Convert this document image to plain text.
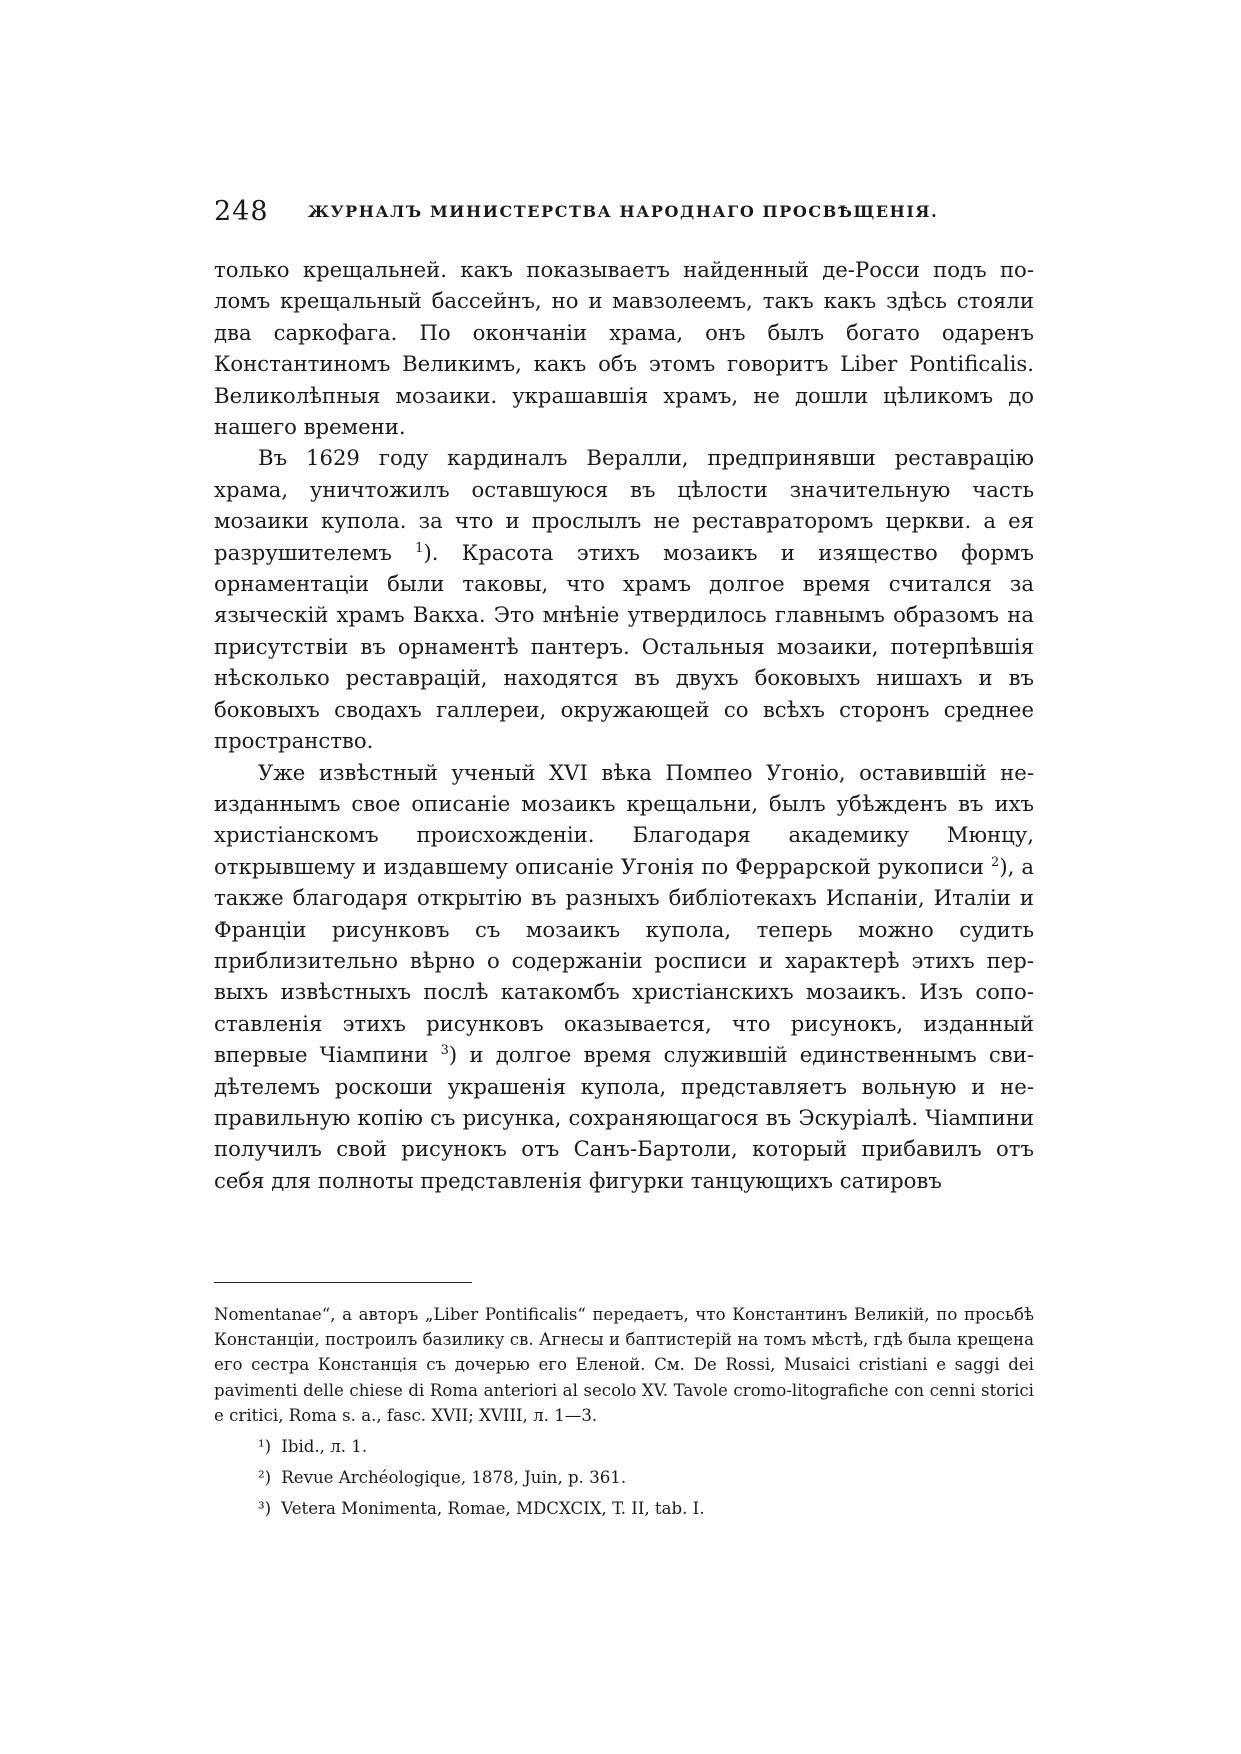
248 ЖУРНАЛЪ МИНИСТЕРСТВА НАРОДНАГО ПРОСВѢЩЕНІЯ.

только крещальней. какъ показываетъ найденный де-Росси подъ поломъ крещальный бассейнъ, но и мавзолеемъ, такъ какъ здѣсь стояли два саркофага. По окончаніи храма, онъ былъ богато одаренъ Константиномъ Великимъ, какъ объ этомъ говоритъ Liber Pontificalis. Великолѣпныя мозаики. украшавшія храмъ, не дошли цѣликомъ до нашего времени.

Въ 1629 году кардиналъ Верaлли, предпринявши реставрацію храма, уничтожилъ оставшуюся въ цѣлости значительную часть мозаики купола. за что и прослылъ не реставраторомъ церкви. а ея разрушителемъ $^1$). Красота этихъ мозаикъ и изящество формъ орнаментаціи были таковы, что храмъ долгое время считался за языческій храмъ Вакха. Это мнѣніе утвердилось главнымъ образомъ на присутствіи въ орнаментѣ пантеръ. Остальныя мозаики, потерпѣвшія нѣсколько реставрацій, находятся въ двухъ боковыхъ нишахъ и въ боковыхъ сводахъ галлереи, окружающей со всѣхъ сторонъ среднее пространство.

Уже извѣстный ученый XVI вѣка Помпео Угоніо, оставившій неизданнымъ свое описаніе мозаикъ крещальни, былъ убѣжденъ въ ихъ христіанскомъ происхожденіи. Благодаря академику Мюнцу, открывшему и издавшему описаніе Угонія по Феррарской рукописи $^2$), а также благодаря открытію въ разныхъ библіотекахъ Испаніи, Италіи и Франціи рисунковъ съ мозаикъ купола, теперь можно судить приблизительно вѣрно о содержаніи росписи и характерѣ этихъ первыхъ извѣстныхъ послѣ катакомбъ христіанскихъ мозаикъ. Изъ сопоставленія этихъ рисунковъ оказывается, что рисунокъ, изданный впервые Чіампини $^3$) и долгое время служившій единственнымъ свидѣтелемъ роскоши украшенія купола, представляетъ вольную и неправильную копію съ рисунка, сохраняющагося въ Эскуріалѣ. Чіампини получилъ свой рисунокъ отъ Санъ-Бартоли, который прибавилъ отъ себя для полноты представленія фигурки танцующихъ сатировъ

Nomentanae“, а авторъ „Liber Pontificalis“ передаетъ, что Константинъ Великій, по просьбѣ Констанціи, построилъ базилику св. Агнесы и баптистерій на томъ мѣстѣ, гдѣ была крещена его сестра Констанція съ дочерью его Еленой. См. De Rossi, Musaici cristiani e saggi dei pavimenti delle chiese di Roma anteriori al secolo XV. Tavole cromo-litografiche con cenni storici e critici, Roma s. a., fasc. XVII; XVIII, л. 1—3.

¹) Ibid., л. 1.

²) Revue Archéologique, 1878, Juin, p. 361.

³) Vetera Monimenta, Romae, MDCXCIX, T. II, tab. I.
